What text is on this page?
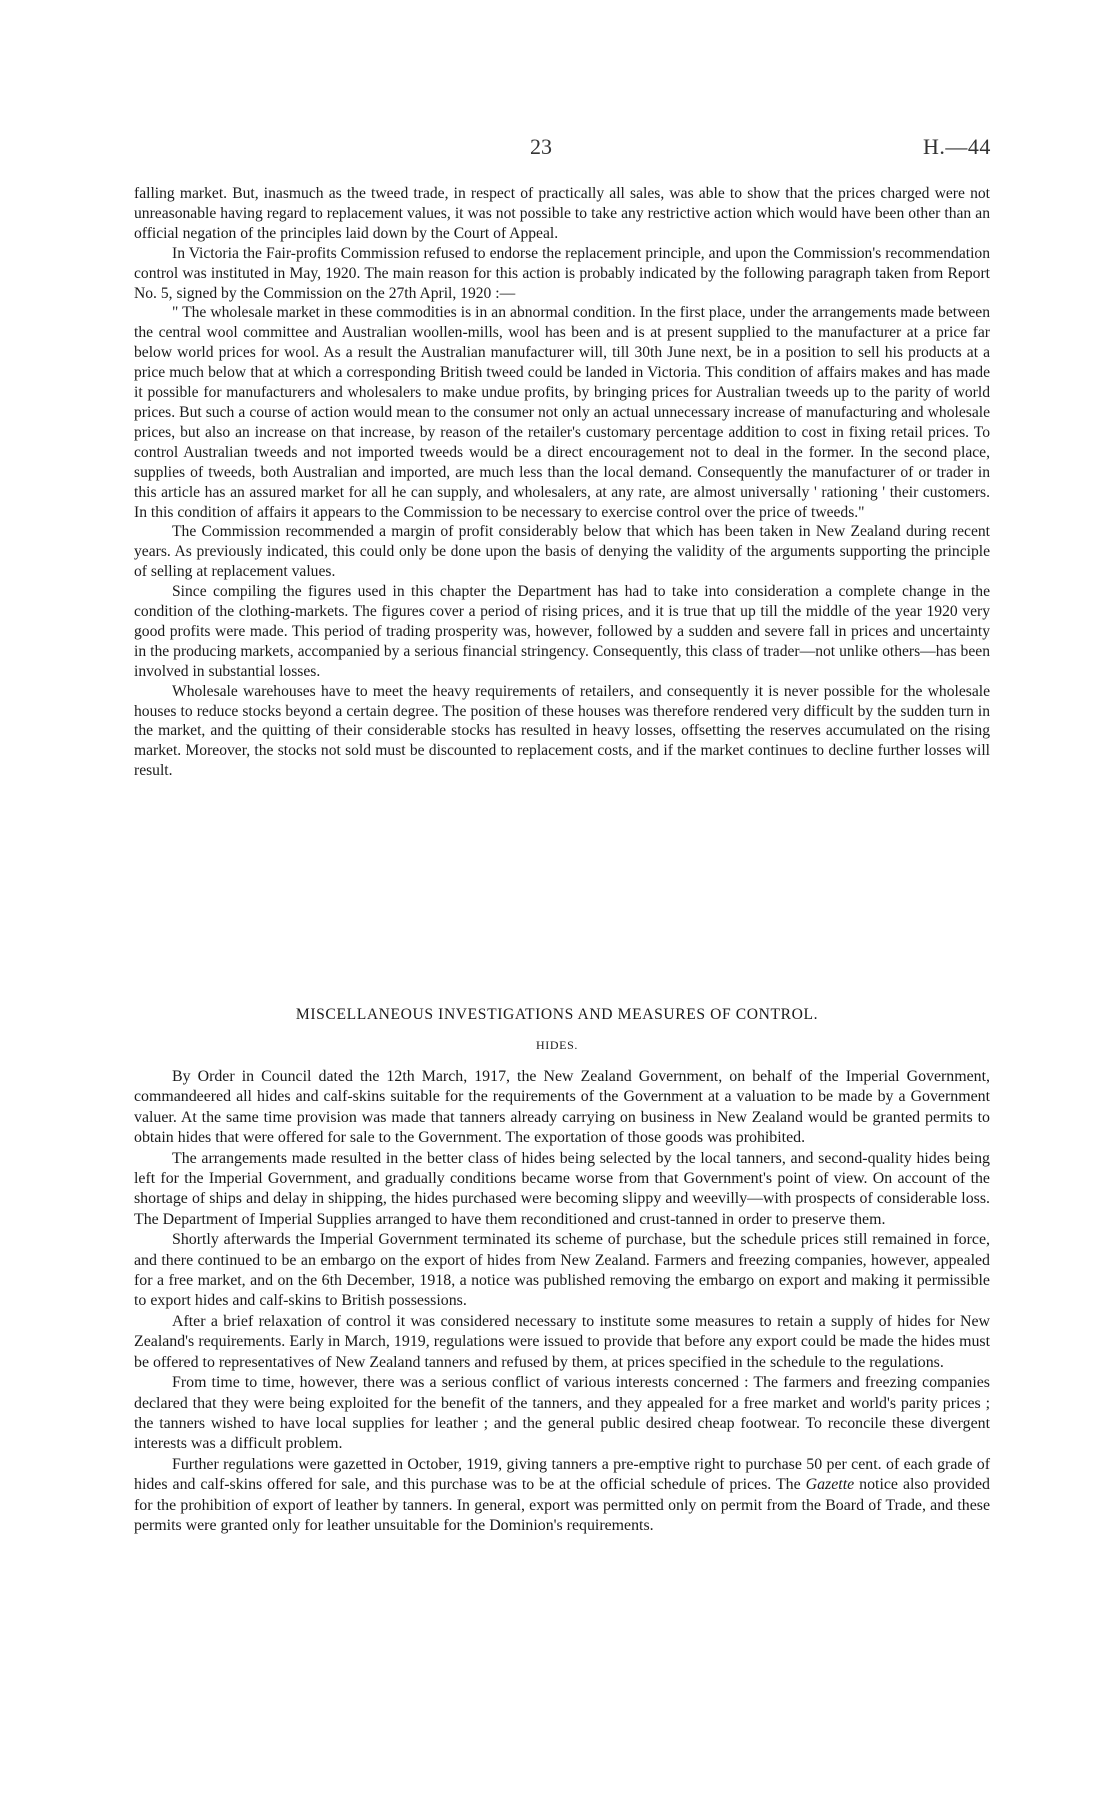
23	H.—44

falling market. But, inasmuch as the tweed trade, in respect of practically all sales, was able to show that the prices charged were not unreasonable having regard to replacement values, it was not possible to take any restrictive action which would have been other than an official negation of the principles laid down by the Court of Appeal.

In Victoria the Fair-profits Commission refused to endorse the replacement principle, and upon the Commission's recommendation control was instituted in May, 1920. The main reason for this action is probably indicated by the following paragraph taken from Report No. 5, signed by the Commission on the 27th April, 1920 :—

" The wholesale market in these commodities is in an abnormal condition. In the first place, under the arrangements made between the central wool committee and Australian woollen-mills, wool has been and is at present supplied to the manufacturer at a price far below world prices for wool. As a result the Australian manufacturer will, till 30th June next, be in a position to sell his products at a price much below that at which a corresponding British tweed could be landed in Victoria. This condition of affairs makes and has made it possible for manufacturers and wholesalers to make undue profits, by bringing prices for Australian tweeds up to the parity of world prices. But such a course of action would mean to the consumer not only an actual unnecessary increase of manufacturing and wholesale prices, but also an increase on that increase, by reason of the retailer's customary percentage addition to cost in fixing retail prices. To control Australian tweeds and not imported tweeds would be a direct encouragement not to deal in the former. In the second place, supplies of tweeds, both Australian and imported, are much less than the local demand. Consequently the manufacturer of or trader in this article has an assured market for all he can supply, and wholesalers, at any rate, are almost universally ' rationing ' their customers. In this condition of affairs it appears to the Commission to be necessary to exercise control over the price of tweeds."

The Commission recommended a margin of profit considerably below that which has been taken in New Zealand during recent years. As previously indicated, this could only be done upon the basis of denying the validity of the arguments supporting the principle of selling at replacement values.

Since compiling the figures used in this chapter the Department has had to take into consideration a complete change in the condition of the clothing-markets. The figures cover a period of rising prices, and it is true that up till the middle of the year 1920 very good profits were made. This period of trading prosperity was, however, followed by a sudden and severe fall in prices and uncertainty in the producing markets, accompanied by a serious financial stringency. Consequently, this class of trader—not unlike others—has been involved in substantial losses.

Wholesale warehouses have to meet the heavy requirements of retailers, and consequently it is never possible for the wholesale houses to reduce stocks beyond a certain degree. The position of these houses was therefore rendered very difficult by the sudden turn in the market, and the quitting of their considerable stocks has resulted in heavy losses, offsetting the reserves accumulated on the rising market. Moreover, the stocks not sold must be discounted to replacement costs, and if the market continues to decline further losses will result.

MISCELLANEOUS INVESTIGATIONS AND MEASURES OF CONTROL.
HIDES.

By Order in Council dated the 12th March, 1917, the New Zealand Government, on behalf of the Imperial Government, commandeered all hides and calf-skins suitable for the requirements of the Government at a valuation to be made by a Government valuer. At the same time provision was made that tanners already carrying on business in New Zealand would be granted permits to obtain hides that were offered for sale to the Government. The exportation of those goods was prohibited.

The arrangements made resulted in the better class of hides being selected by the local tanners, and second-quality hides being left for the Imperial Government, and gradually conditions became worse from that Government's point of view. On account of the shortage of ships and delay in shipping, the hides purchased were becoming slippy and weevilly—with prospects of considerable loss. The Department of Imperial Supplies arranged to have them reconditioned and crust-tanned in order to preserve them.

Shortly afterwards the Imperial Government terminated its scheme of purchase, but the schedule prices still remained in force, and there continued to be an embargo on the export of hides from New Zealand. Farmers and freezing companies, however, appealed for a free market, and on the 6th December, 1918, a notice was published removing the embargo on export and making it permissible to export hides and calf-skins to British possessions.

After a brief relaxation of control it was considered necessary to institute some measures to retain a supply of hides for New Zealand's requirements. Early in March, 1919, regulations were issued to provide that before any export could be made the hides must be offered to representatives of New Zealand tanners and refused by them, at prices specified in the schedule to the regulations.

From time to time, however, there was a serious conflict of various interests concerned : The farmers and freezing companies declared that they were being exploited for the benefit of the tanners, and they appealed for a free market and world's parity prices ; the tanners wished to have local supplies for leather ; and the general public desired cheap footwear. To reconcile these divergent interests was a difficult problem.

Further regulations were gazetted in October, 1919, giving tanners a pre-emptive right to purchase 50 per cent. of each grade of hides and calf-skins offered for sale, and this purchase was to be at the official schedule of prices. The Gazette notice also provided for the prohibition of export of leather by tanners. In general, export was permitted only on permit from the Board of Trade, and these permits were granted only for leather unsuitable for the Dominion's requirements.
